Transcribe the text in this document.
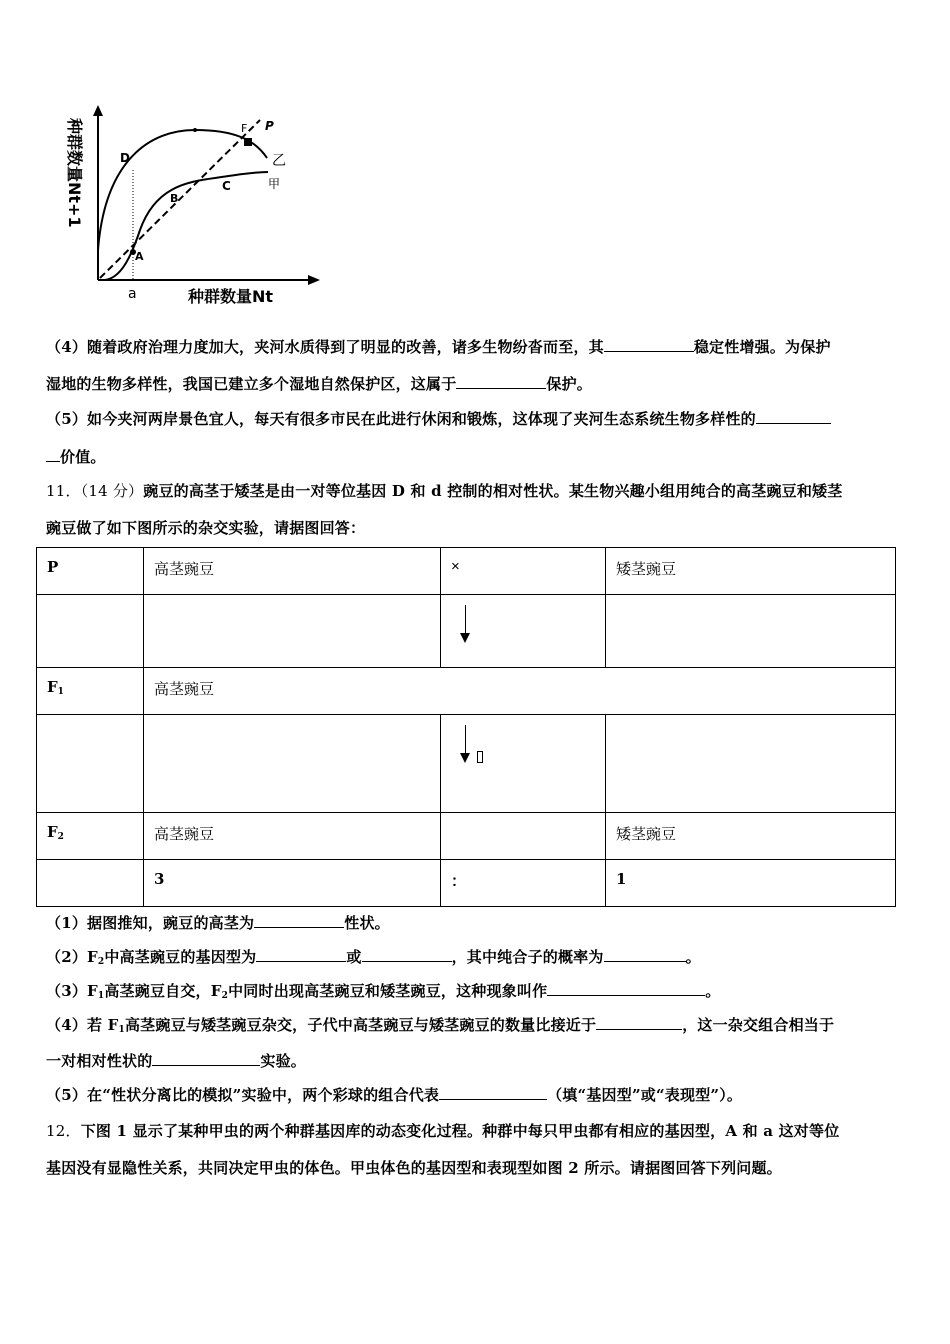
D
F P
A
B
C
乙
甲
a	种群数量Nt
种群数量Nt+1
（4）随着政府治理力度加大，夹河水质得到了明显的改善，诸多生物纷沓而至，其	稳定性增强。为保护
湿地的生物多样性，我国已建立多个湿地自然保护区，这属于	保护。
（5）如今夹河两岸景色宜人，每天有很多市民在此进行休闲和锻炼，这体现了夹河生态系统生物多样性的
价值。
11．（14 分）豌豆的高茎于矮茎是由一对等位基因 D 和 d 控制的相对性状。某生物兴趣小组用纯合的高茎豌豆和矮茎
豌豆做了如下图所示的杂交实验，请据图回答：
P	高茎豌豆	×	矮茎豌豆

$F_1$	高茎豌豆		

$F_2$	高茎豌豆		矮茎豌豆
	3	：	1
（1）据图推知，豌豆的高茎为	性状。
$(2)F_2$中高茎豌豆的基因型为	或	，其中纯合子的概率为	。
$(3)F_1$高茎豌豆自交，$F_2$中同时出现高茎豌豆和矮茎豌豆，这种现象叫作	。
（4）若 $F_1$高茎豌豆与矮茎豌豆杂交，子代中高茎豌豆与矮茎豌豆的数量比接近于	，这一杂交组合相当于
一对相对性状的	实验。
（5）在“性状分离比的模拟”实验中，两个彩球的组合代表	（填“基因型”或“表现型”）。
12．下图 1 显示了某种甲虫的两个种群基因库的动态变化过程。种群中每只甲虫都有相应的基因型，A 和 a 这对等位
基因没有显隐性关系，共同决定甲虫的体色。甲虫体色的基因型和表现型如图 2 所示。请据图回答下列问题。
